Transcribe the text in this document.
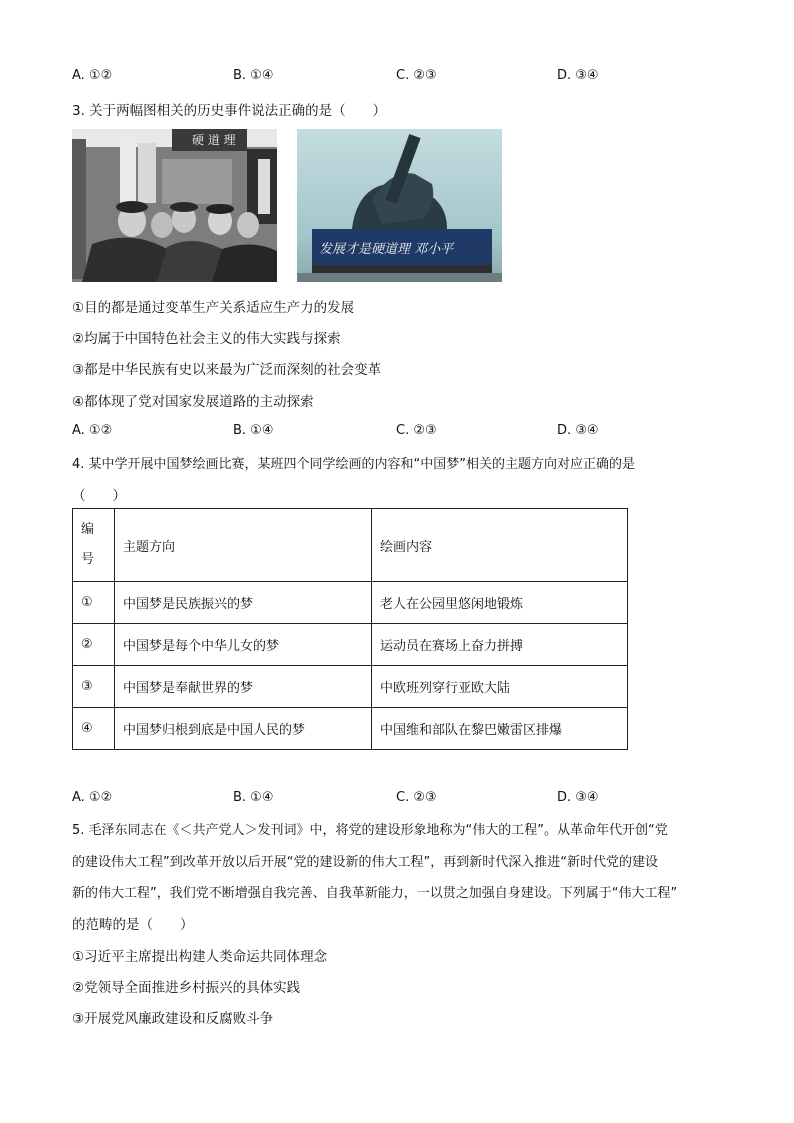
A. ①②	B. ①④	C. ②③	D. ③④
3. 关于两幅图相关的历史事件说法正确的是（　　）
硬 道 理
发展才是硬道理 邓小平
①目的都是通过变革生产关系适应生产力的发展
②均属于中国特色社会主义的伟大实践与探索
③都是中华民族有史以来最为广泛而深刻的社会变革
④都体现了党对国家发展道路的主动探索
A. ①②	B. ①④	C. ②③	D. ③④
4. 某中学开展中国梦绘画比赛，某班四个同学绘画的内容和“中国梦”相关的主题方向对应正确的是
（　　）
编
号	主题方向	绘画内容
①	中国梦是民族振兴的梦	老人在公园里悠闲地锻炼
②	中国梦是每个中华儿女的梦	运动员在赛场上奋力拼搏
③	中国梦是奉献世界的梦	中欧班列穿行亚欧大陆
④	中国梦归根到底是中国人民的梦	中国维和部队在黎巴嫩雷区排爆
A. ①②	B. ①④	C. ②③	D. ③④
5. 毛泽东同志在《＜共产党人＞发刊词》中，将党的建设形象地称为“伟大的工程”。从革命年代开创“党
的建设伟大工程”到改革开放以后开展“党的建设新的伟大工程”，再到新时代深入推进“新时代党的建设
新的伟大工程”，我们党不断增强自我完善、自我革新能力，一以贯之加强自身建设。下列属于“伟大工程”
的范畴的是（　　）
①习近平主席提出构建人类命运共同体理念
②党领导全面推进乡村振兴的具体实践
③开展党风廉政建设和反腐败斗争
